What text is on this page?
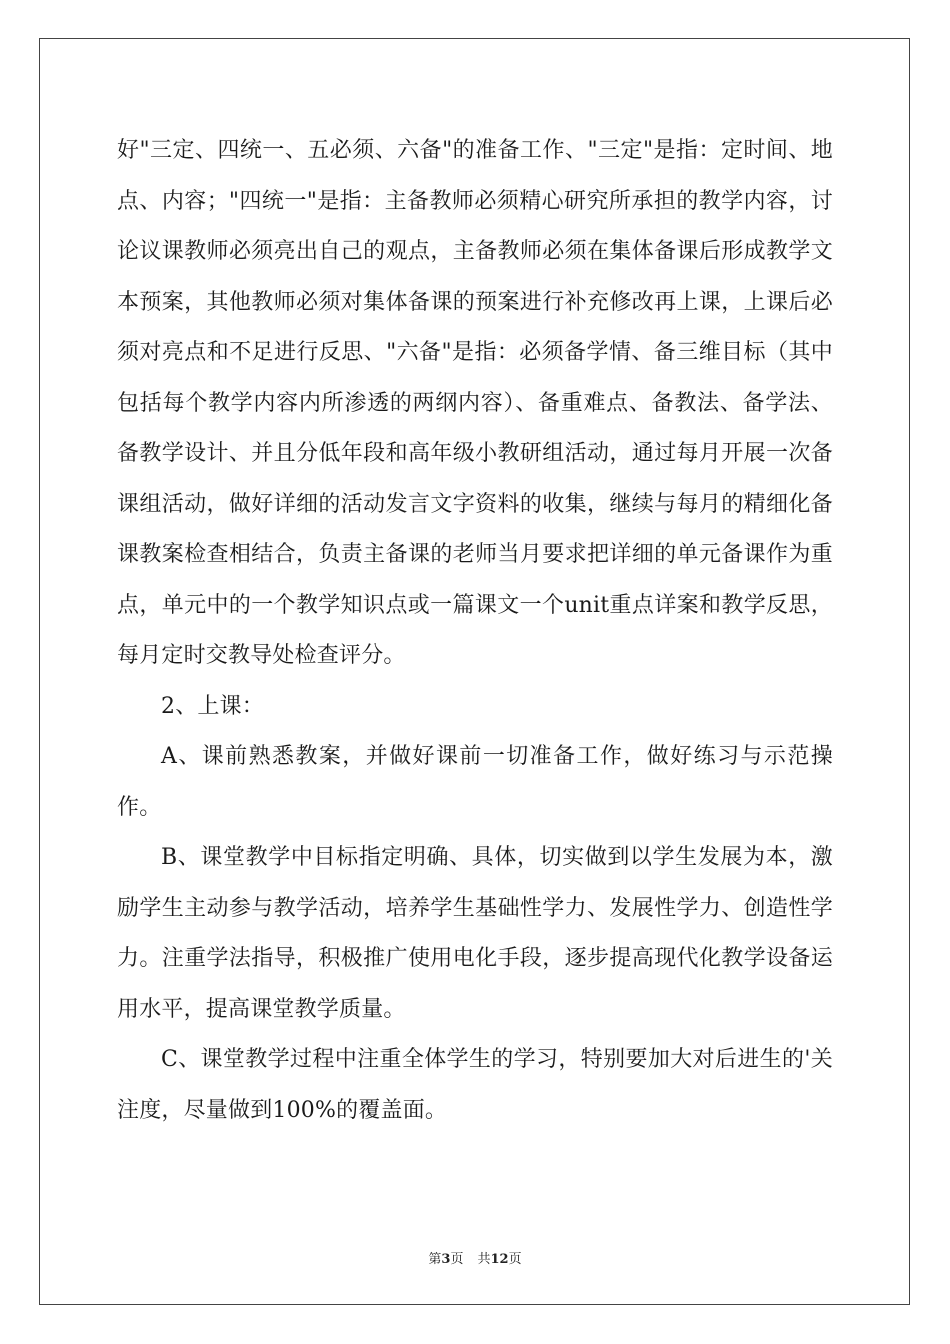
好"三定、四统一、五必须、六备"的准备工作、"三定"是指：定时间、地点、内容；"四统一"是指：主备教师必须精心研究所承担的教学内容，讨论议课教师必须亮出自己的观点，主备教师必须在集体备课后形成教学文本预案，其他教师必须对集体备课的预案进行补充修改再上课，上课后必须对亮点和不足进行反思、"六备"是指：必须备学情、备三维目标（其中包括每个教学内容内所渗透的两纲内容）、备重难点、备教法、备学法、备教学设计、并且分低年段和高年级小教研组活动，通过每月开展一次备课组活动，做好详细的活动发言文字资料的收集，继续与每月的精细化备课教案检查相结合，负责主备课的老师当月要求把详细的单元备课作为重点，单元中的一个教学知识点或一篇课文一个unit重点详案和教学反思，每月定时交教导处检查评分。

2、上课：

A、课前熟悉教案，并做好课前一切准备工作，做好练习与示范操作。

B、课堂教学中目标指定明确、具体，切实做到以学生发展为本，激励学生主动参与教学活动，培养学生基础性学力、发展性学力、创造性学力。注重学法指导，积极推广使用电化手段，逐步提高现代化教学设备运用水平，提高课堂教学质量。

C、课堂教学过程中注重全体学生的学习，特别要加大对后进生的'关注度，尽量做到100%的覆盖面。

第3页 共12页
